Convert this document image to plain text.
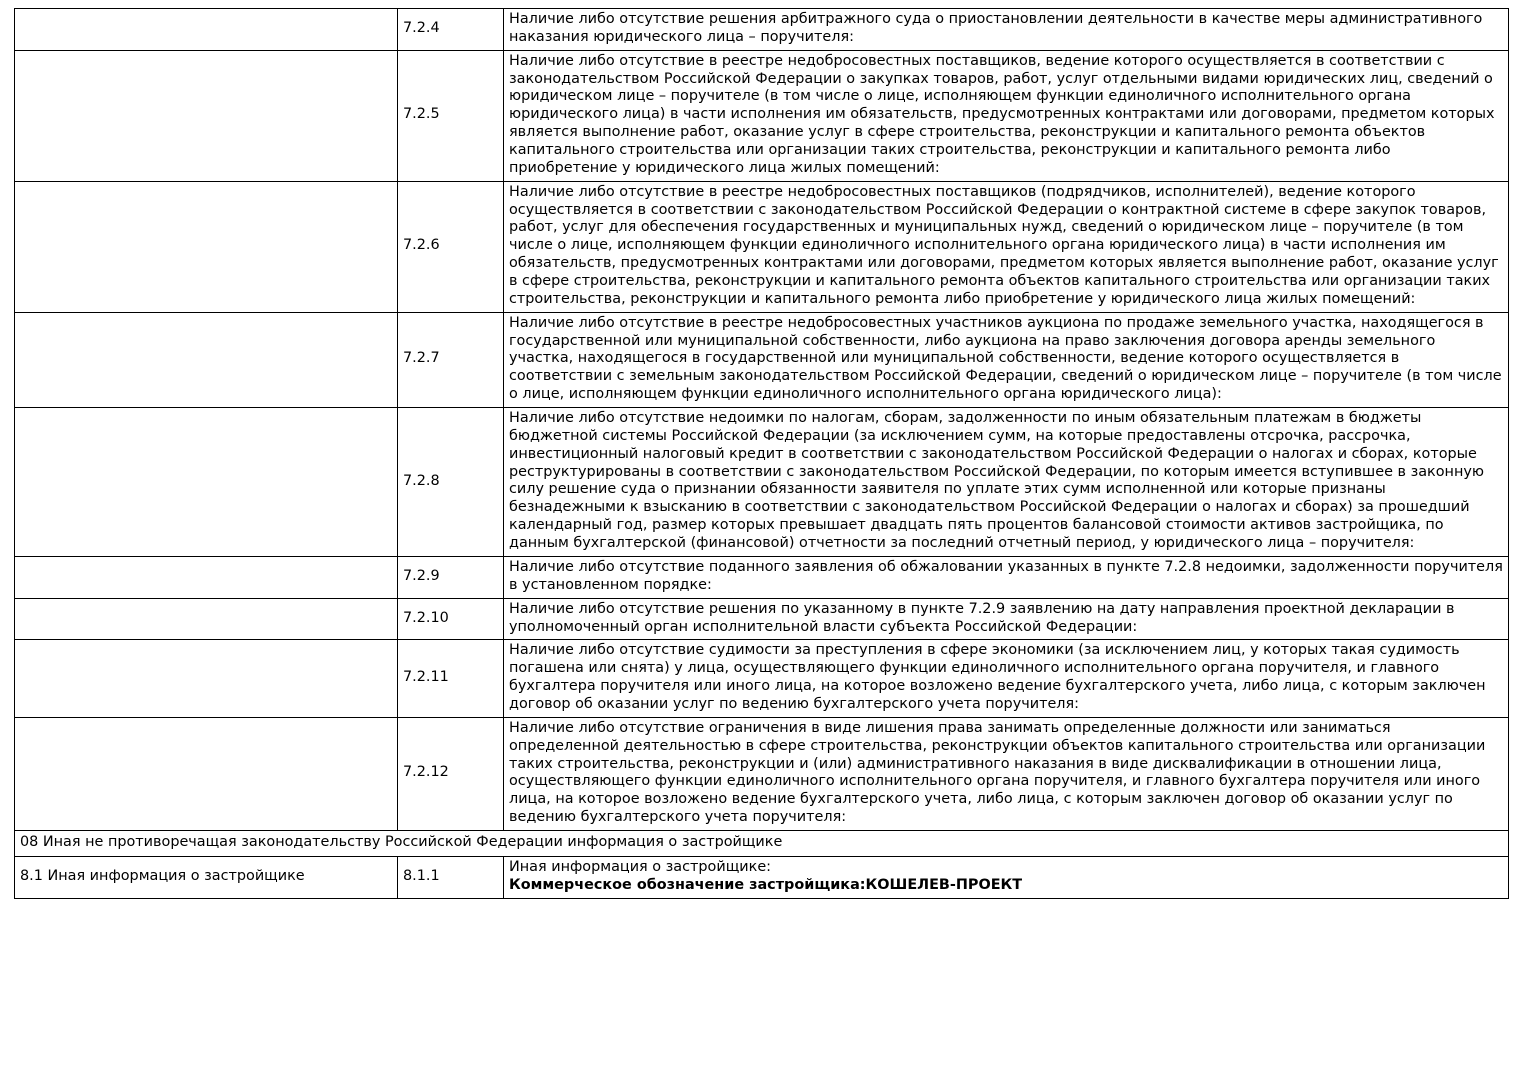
	7.2.4	Наличие либо отсутствие решения арбитражного суда о приостановлении деятельности в качестве меры административного наказания юридического лица – поручителя:
	7.2.5	Наличие либо отсутствие в реестре недобросовестных поставщиков, ведение которого осуществляется в соответствии с законодательством Российской Федерации о закупках товаров, работ, услуг отдельными видами юридических лиц, сведений о юридическом лице – поручителе (в том числе о лице, исполняющем функции единоличного исполнительного органа юридического лица) в части исполнения им обязательств, предусмотренных контрактами или договорами, предметом которых является выполнение работ, оказание услуг в сфере строительства, реконструкции и капитального ремонта объектов капитального строительства или организации таких строительства, реконструкции и капитального ремонта либо приобретение у юридического лица жилых помещений:
	7.2.6	Наличие либо отсутствие в реестре недобросовестных поставщиков (подрядчиков, исполнителей), ведение которого осуществляется в соответствии с законодательством Российской Федерации о контрактной системе в сфере закупок товаров, работ, услуг для обеспечения государственных и муниципальных нужд, сведений о юридическом лице – поручителе (в том числе о лице, исполняющем функции единоличного исполнительного органа юридического лица) в части исполнения им обязательств, предусмотренных контрактами или договорами, предметом которых является выполнение работ, оказание услуг в сфере строительства, реконструкции и капитального ремонта объектов капитального строительства или организации таких строительства, реконструкции и капитального ремонта либо приобретение у юридического лица жилых помещений:
	7.2.7	Наличие либо отсутствие в реестре недобросовестных участников аукциона по продаже земельного участка, находящегося в государственной или муниципальной собственности, либо аукциона на право заключения договора аренды земельного участка, находящегося в государственной или муниципальной собственности, ведение которого осуществляется в соответствии с земельным законодательством Российской Федерации, сведений о юридическом лице – поручителе (в том числе о лице, исполняющем функции единоличного исполнительного органа юридического лица):
	7.2.8	Наличие либо отсутствие недоимки по налогам, сборам, задолженности по иным обязательным платежам в бюджеты бюджетной системы Российской Федерации (за исключением сумм, на которые предоставлены отсрочка, рассрочка, инвестиционный налоговый кредит в соответствии с законодательством Российской Федерации о налогах и сборах, которые реструктурированы в соответствии с законодательством Российской Федерации, по которым имеется вступившее в законную силу решение суда о признании обязанности заявителя по уплате этих сумм исполненной или которые признаны безнадежными к взысканию в соответствии с законодательством Российской Федерации о налогах и сборах) за прошедший календарный год, размер которых превышает двадцать пять процентов балансовой стоимости активов застройщика, по данным бухгалтерской (финансовой) отчетности за последний отчетный период, у юридического лица – поручителя:
	7.2.9	Наличие либо отсутствие поданного заявления об обжаловании указанных в пункте 7.2.8 недоимки, задолженности поручителя в установленном порядке:
	7.2.10	Наличие либо отсутствие решения по указанному в пункте 7.2.9 заявлению на дату направления проектной декларации в уполномоченный орган исполнительной власти субъекта Российской Федерации:
	7.2.11	Наличие либо отсутствие судимости за преступления в сфере экономики (за исключением лиц, у которых такая судимость погашена или снята) у лица, осуществляющего функции единоличного исполнительного органа поручителя, и главного бухгалтера поручителя или иного лица, на которое возложено ведение бухгалтерского учета, либо лица, с которым заключен договор об оказании услуг по ведению бухгалтерского учета поручителя:
	7.2.12	Наличие либо отсутствие ограничения в виде лишения права занимать определенные должности или заниматься определенной деятельностью в сфере строительства, реконструкции объектов капитального строительства или организации таких строительства, реконструкции и (или) административного наказания в виде дисквалификации в отношении лица, осуществляющего функции единоличного исполнительного органа поручителя, и главного бухгалтера поручителя или иного лица, на которое возложено ведение бухгалтерского учета, либо лица, с которым заключен договор об оказании услуг по ведению бухгалтерского учета поручителя:
08 Иная не противоречащая законодательству Российской Федерации информация о застройщике		
8.1 Иная информация о застройщике	8.1.1	Иная информация о застройщике:
Коммерческое обозначение застройщика:КОШЕЛЕВ-ПРОЕКТ
